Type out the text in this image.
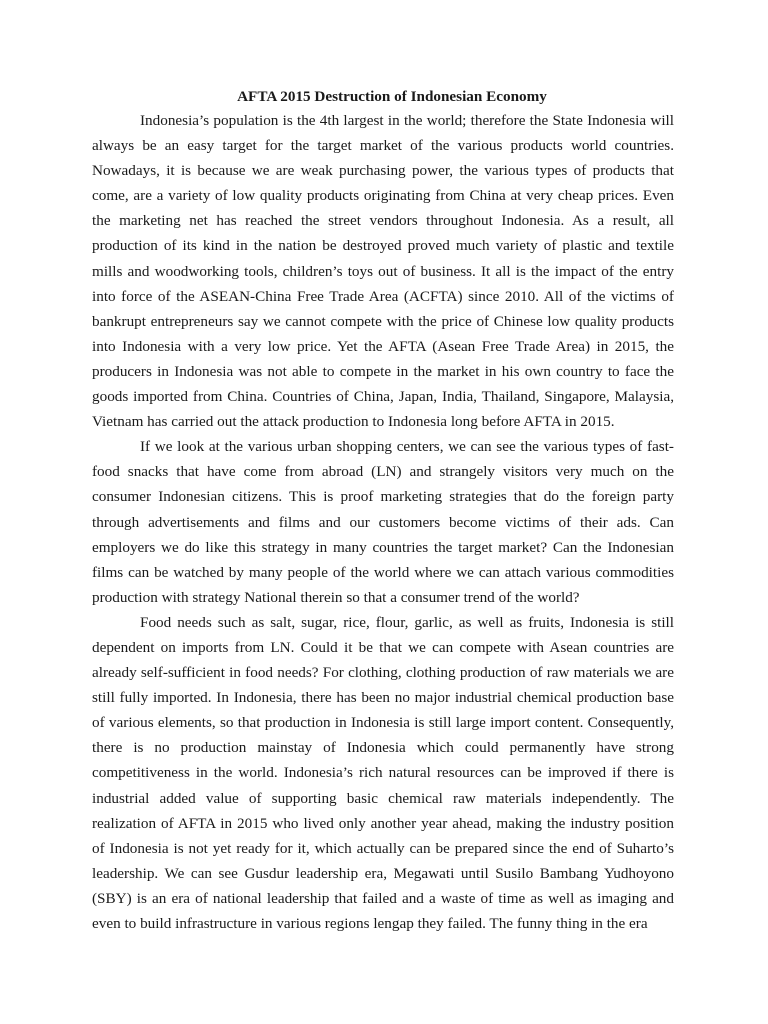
AFTA 2015 Destruction of Indonesian Economy

Indonesia’s population is the 4th largest in the world; therefore the State Indonesia will always be an easy target for the target market of the various products world countries. Nowadays, it is because we are weak purchasing power, the various types of products that come, are a variety of low quality products originating from China at very cheap prices. Even the marketing net has reached the street vendors throughout Indonesia. As a result, all production of its kind in the nation be destroyed proved much variety of plastic and textile mills and woodworking tools, children’s toys out of business. It all is the impact of the entry into force of the ASEAN-China Free Trade Area (ACFTA) since 2010. All of the victims of bankrupt entrepreneurs say we cannot compete with the price of Chinese low quality products into Indonesia with a very low price. Yet the AFTA (Asean Free Trade Area) in 2015, the producers in Indonesia was not able to compete in the market in his own country to face the goods imported from China. Countries of China, Japan, India, Thailand, Singapore, Malaysia, Vietnam has carried out the attack production to Indonesia long before AFTA in 2015.

If we look at the various urban shopping centers, we can see the various types of fast-food snacks that have come from abroad (LN) and strangely visitors very much on the consumer Indonesian citizens. This is proof marketing strategies that do the foreign party through advertisements and films and our customers become victims of their ads. Can employers we do like this strategy in many countries the target market? Can the Indonesian films can be watched by many people of the world where we can attach various commodities production with strategy National therein so that a consumer trend of the world?

Food needs such as salt, sugar, rice, flour, garlic, as well as fruits, Indonesia is still dependent on imports from LN. Could it be that we can compete with Asean countries are already self-sufficient in food needs? For clothing, clothing production of raw materials we are still fully imported. In Indonesia, there has been no major industrial chemical production base of various elements, so that production in Indonesia is still large import content. Consequently, there is no production mainstay of Indonesia which could permanently have strong competitiveness in the world. Indonesia’s rich natural resources can be improved if there is industrial added value of supporting basic chemical raw materials independently. The realization of AFTA in 2015 who lived only another year ahead, making the industry position of Indonesia is not yet ready for it, which actually can be prepared since the end of Suharto’s leadership. We can see Gusdur leadership era, Megawati until Susilo Bambang Yudhoyono (SBY) is an era of national leadership that failed and a waste of time as well as imaging and even to build infrastructure in various regions lengap they failed. The funny thing in the era
